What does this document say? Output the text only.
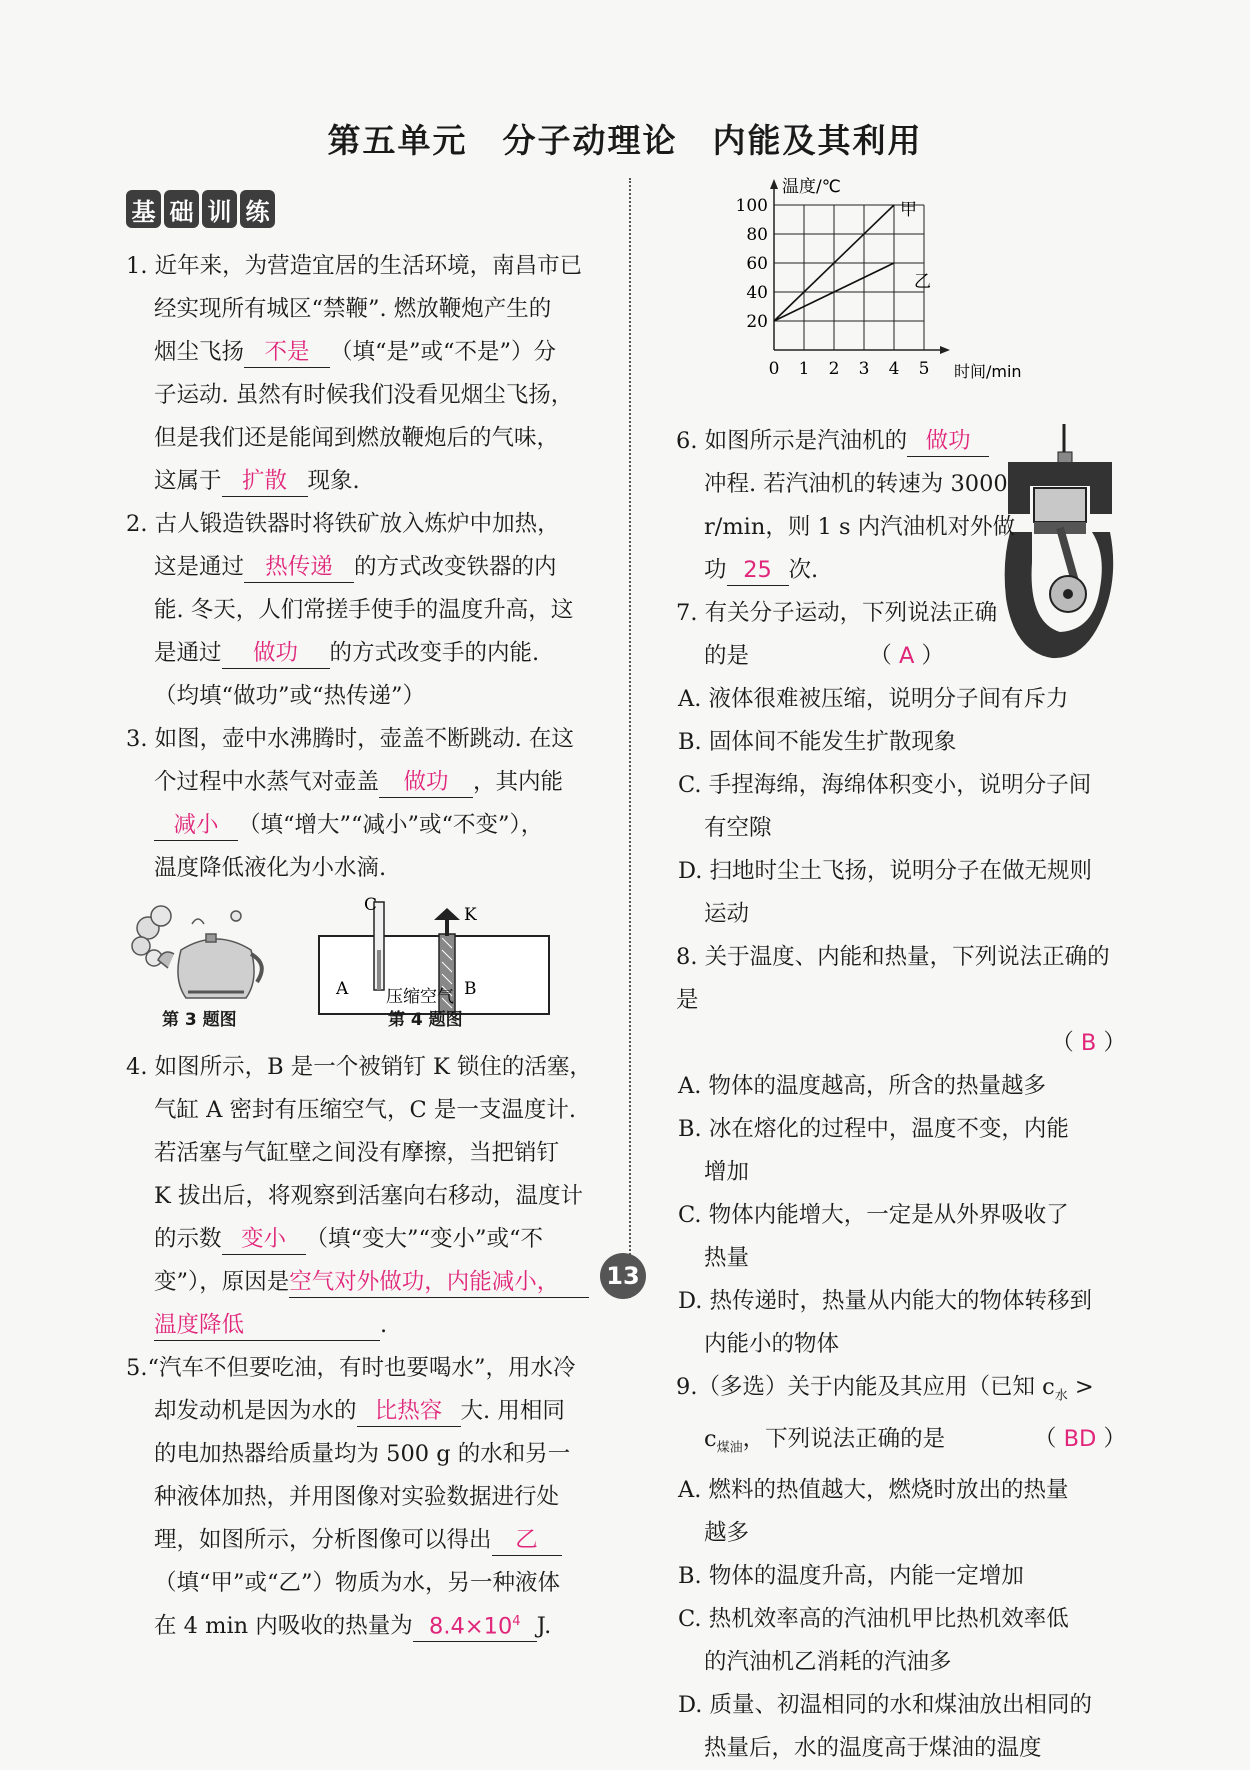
第五单元　分子动理论　内能及其利用
基 础 训 练

1. 近年来，为营造宜居的生活环境，南昌市已

经实现所有城区“禁鞭”. 燃放鞭炮产生的

烟尘飞扬 不是 （填“是”或“不是”）分

子运动. 虽然有时候我们没看见烟尘飞扬，

但是我们还是能闻到燃放鞭炮后的气味，

这属于 扩散 现象.

2. 古人锻造铁器时将铁矿放入炼炉中加热，

这是通过 热传递 的方式改变铁器的内

能. 冬天，人们常搓手使手的温度升高，这

是通过 做功 的方式改变手的内能.

（均填“做功”或“热传递”）

3. 如图，壶中水沸腾时，壶盖不断跳动. 在这

个过程中水蒸气对壶盖 做功 ，其内能

减小 （填“增大”“减小”或“不变”），

温度降低液化为小水滴.

C	K
A 压缩空气 B
第 3 题图	第 4 题图

4. 如图所示，B 是一个被销钉 K 锁住的活塞，

气缸 A 密封有压缩空气，C 是一支温度计.

若活塞与气缸壁之间没有摩擦，当把销钉

K 拔出后，将观察到活塞向右移动，温度计

的示数 变小 （填“变大”“变小”或“不

变”），原因是空气对外做功，内能减小，

温度降低	.

5.“汽车不但要吃油，有时也要喝水”，用水冷

却发动机是因为水的 比热容 大. 用相同

的电加热器给质量均为 500 g 的水和另一

种液体加热，并用图像对实验数据进行处

理，如图所示，分析图像可以得出 乙

（填“甲”或“乙”）物质为水，另一种液体

在 4 min 内吸收的热量为 $8.4\times 10^4$ J.

20
40
60
80
100
0 1 2 3 4 5
温度/℃
时间/min
甲
乙

6. 如图所示是汽油机的 做功

冲程. 若汽油机的转速为 3000

r/min，则 1 s 内汽油机对外做

功 25 次.

7. 有关分子运动，下列说法正确

的是	（ A ）

A. 液体很难被压缩，说明分子间有斥力

B. 固体间不能发生扩散现象

C. 手捏海绵，海绵体积变小，说明分子间

有空隙

D. 扫地时尘土飞扬，说明分子在做无规则

运动

8. 关于温度、内能和热量，下列说法正确的是

（ B ）

A. 物体的温度越高，所含的热量越多

B. 冰在熔化的过程中，温度不变，内能

增加

C. 物体内能增大，一定是从外界吸收了

热量

D. 热传递时，热量从内能大的物体转移到

内能小的物体

9.（多选）关于内能及其应用（已知 $c_水$ >

$c_{煤油}$，下列说法正确的是	（ BD ）

A. 燃料的热值越大，燃烧时放出的热量

越多

B. 物体的温度升高，内能一定增加

C. 热机效率高的汽油机甲比热机效率低

的汽油机乙消耗的汽油多

D. 质量、初温相同的水和煤油放出相同的

热量后，水的温度高于煤油的温度

13
